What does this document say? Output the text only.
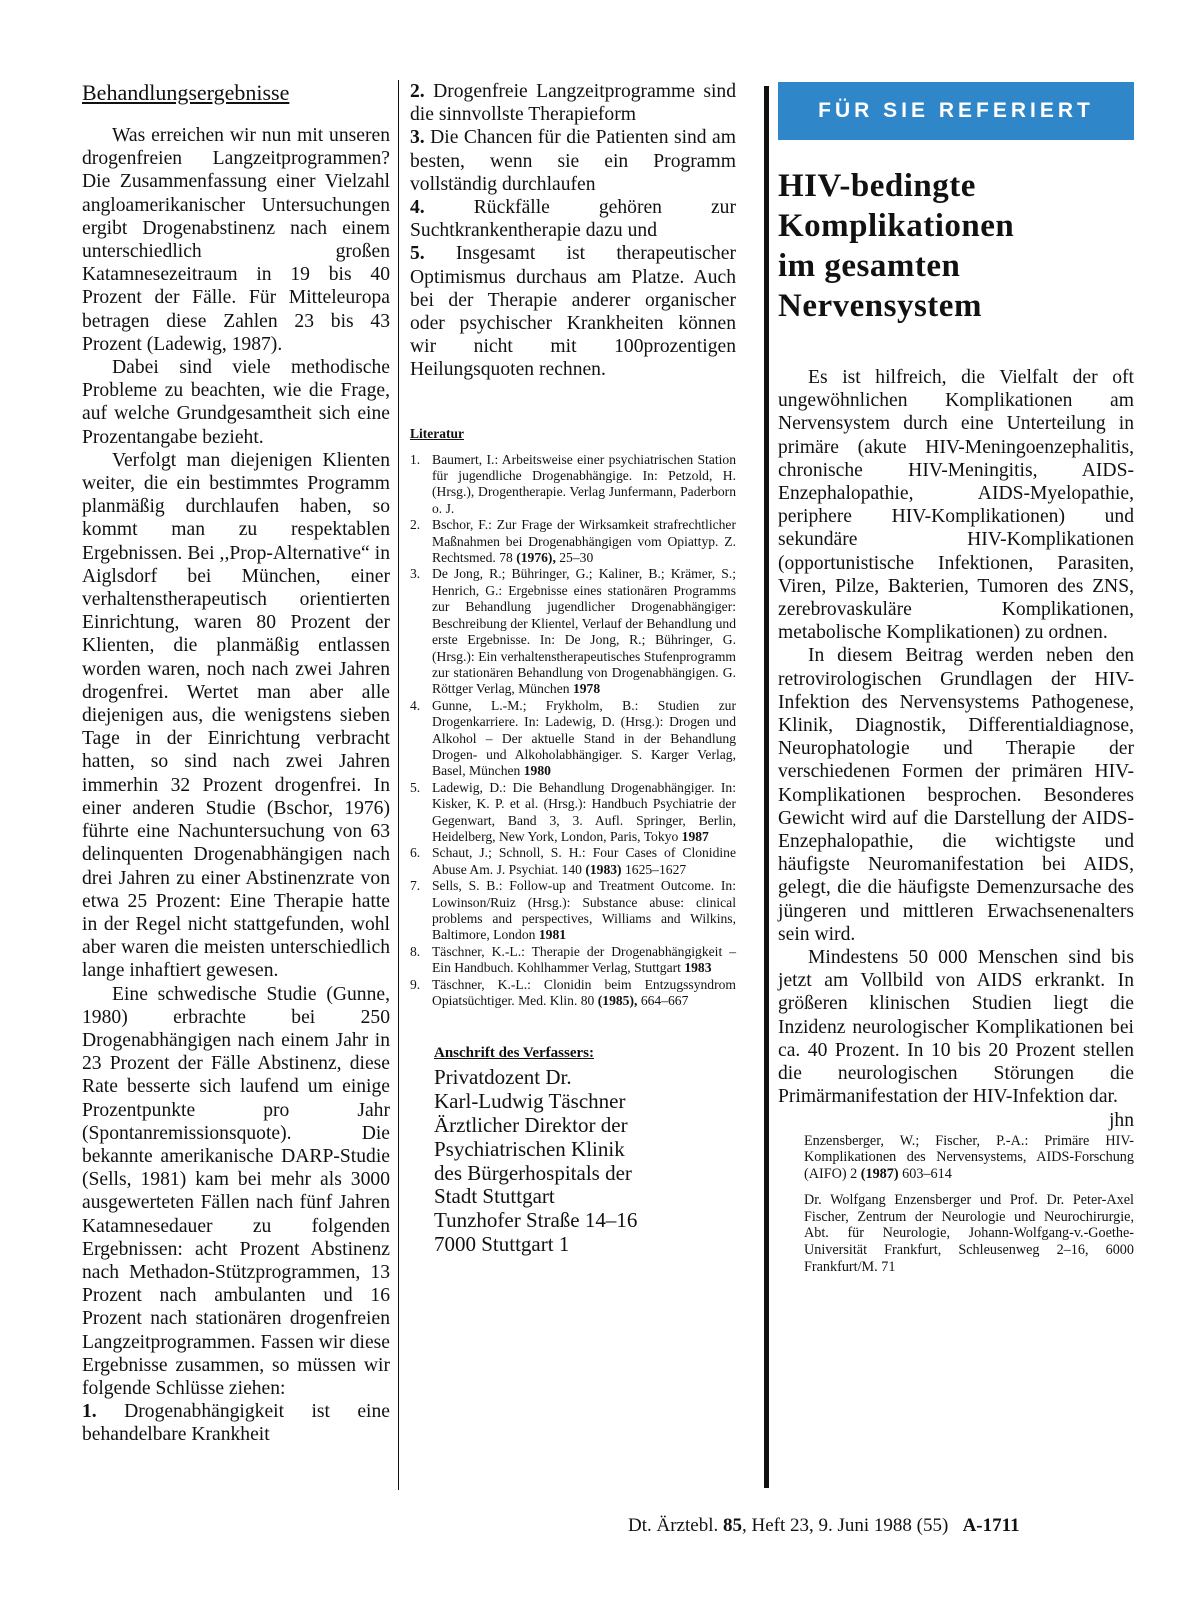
Behandlungsergebnisse

Was erreichen wir nun mit unseren drogenfreien Langzeitprogrammen? Die Zusammenfassung einer Vielzahl angloamerikanischer Untersuchungen ergibt Drogenabstinenz nach einem unterschiedlich großen Katamnesezeitraum in 19 bis 40 Prozent der Fälle. Für Mitteleuropa betragen diese Zahlen 23 bis 43 Prozent (Ladewig, 1987).

Dabei sind viele methodische Probleme zu beachten, wie die Frage, auf welche Grundgesamtheit sich eine Prozentangabe bezieht.

Verfolgt man diejenigen Klienten weiter, die ein bestimmtes Programm planmäßig durchlaufen haben, so kommt man zu respektablen Ergebnissen. Bei ,,Prop-Alternative“ in Aiglsdorf bei München, einer verhaltenstherapeutisch orientierten Einrichtung, waren 80 Prozent der Klienten, die planmäßig entlassen worden waren, noch nach zwei Jahren drogenfrei. Wertet man aber alle diejenigen aus, die wenigstens sieben Tage in der Einrichtung verbracht hatten, so sind nach zwei Jahren immerhin 32 Prozent drogenfrei. In einer anderen Studie (Bschor, 1976) führte eine Nachuntersuchung von 63 delinquenten Drogenabhängigen nach drei Jahren zu einer Abstinenzrate von etwa 25 Prozent: Eine Therapie hatte in der Regel nicht stattgefunden, wohl aber waren die meisten unterschiedlich lange inhaftiert gewesen.

Eine schwedische Studie (Gunne, 1980) erbrachte bei 250 Drogenabhängigen nach einem Jahr in 23 Prozent der Fälle Abstinenz, diese Rate besserte sich laufend um einige Prozentpunkte pro Jahr (Spontanremissionsquote). Die bekannte amerikanische DARP-Studie (Sells, 1981) kam bei mehr als 3000 ausgewerteten Fällen nach fünf Jahren Katamnesedauer zu folgenden Ergebnissen: acht Prozent Abstinenz nach Methadon-Stützprogrammen, 13 Prozent nach ambulanten und 16 Prozent nach stationären drogenfreien Langzeitprogrammen. Fassen wir diese Ergebnisse zusammen, so müssen wir folgende Schlüsse ziehen:

1. Drogenabhängigkeit ist eine behandelbare Krankheit

2. Drogenfreie Langzeitprogramme sind die sinnvollste Therapieform

3. Die Chancen für die Patienten sind am besten, wenn sie ein Programm vollständig durchlaufen

4.	Rückfälle gehören zur Suchtkrankentherapie dazu und

5. Insgesamt ist therapeutischer Optimismus durchaus am Platze. Auch bei der Therapie anderer organischer oder psychischer Krankheiten können wir nicht mit 100prozentigen Heilungsquoten rechnen.

Literatur
1. Baumert, I.: Arbeitsweise einer psychiatrischen Station für jugendliche Drogenabhängige. In: Petzold, H. (Hrsg.), Drogentherapie. Verlag Junfermann, Paderborn o. J.
2. Bschor, F.: Zur Frage der Wirksamkeit strafrechtlicher Maßnahmen bei Drogenabhängigen vom Opiattyp. Z. Rechtsmed. 78 (1976), 25–30
3. De Jong, R.; Bühringer, G.; Kaliner, B.; Krämer, S.; Henrich, G.: Ergebnisse eines stationären Programms zur Behandlung jugendlicher Drogenabhängiger: Beschreibung der Klientel, Verlauf der Behandlung und erste Ergebnisse. In: De Jong, R.; Bühringer, G. (Hrsg.): Ein verhaltenstherapeutisches Stufenprogramm zur stationären Behandlung von Drogenabhängigen. G. Röttger Verlag, München 1978
4. Gunne, L.-M.; Frykholm, B.: Studien zur Drogenkarriere. In: Ladewig, D. (Hrsg.): Drogen und Alkohol – Der aktuelle Stand in der Behandlung Drogen- und Alkoholabhängiger. S. Karger Verlag, Basel, München 1980
5. Ladewig, D.: Die Behandlung Drogenabhängiger. In: Kisker, K. P. et al. (Hrsg.): Handbuch Psychiatrie der Gegenwart, Band 3, 3. Aufl. Springer, Berlin, Heidelberg, New York, London, Paris, Tokyo 1987
6. Schaut, J.; Schnoll, S. H.: Four Cases of Clonidine Abuse Am. J. Psychiat. 140 (1983) 1625–1627
7. Sells, S. B.: Follow-up and Treatment Outcome. In: Lowinson/Ruiz (Hrsg.): Substance abuse: clinical problems and perspectives, Williams and Wilkins, Baltimore, London 1981
8. Täschner, K.-L.: Therapie der Drogenabhängigkeit – Ein Handbuch. Kohlhammer Verlag, Stuttgart 1983
9. Täschner, K.-L.: Clonidin beim Entzugssyndrom Opiatsüchtiger. Med. Klin. 80 (1985), 664–667
Anschrift des Verfassers:
Privatdozent Dr.
Karl-Ludwig Täschner
Ärztlicher Direktor der
Psychiatrischen Klinik
des Bürgerhospitals der
Stadt Stuttgart
Tunzhofer Straße 14–16
7000 Stuttgart 1
FÜR SIE REFERIERT
HIV-bedingte
Komplikationen
im gesamten
Nervensystem

Es ist hilfreich, die Vielfalt der oft ungewöhnlichen Komplikationen am Nervensystem durch eine Unterteilung in primäre (akute HIV-Meningoenzephalitis, chronische HIV-Meningitis, AIDS-Enzephalopathie, AIDS-Myelopathie, periphere HIV-Komplikationen) und sekundäre HIV-Komplikationen (opportunistische Infektionen, Parasiten, Viren, Pilze, Bakterien, Tumoren des ZNS, zerebrovaskuläre Komplikationen, metabolische Komplikationen) zu ordnen.

In diesem Beitrag werden neben den retrovirologischen Grundlagen der HIV-Infektion des Nervensystems Pathogenese, Klinik, Diagnostik, Differentialdiagnose, Neurophatologie und Therapie der verschiedenen Formen der primären HIV-Komplikationen besprochen. Besonderes Gewicht wird auf die Darstellung der AIDS-Enzephalopathie, die wichtigste und häufigste Neuromanifestation bei AIDS, gelegt, die die häufigste Demenzursache des jüngeren und mittleren Erwachsenenalters sein wird.

Mindestens 50 000 Menschen sind bis jetzt am Vollbild von AIDS erkrankt. In größeren klinischen Studien liegt die Inzidenz neurologischer Komplikationen bei ca. 40 Prozent. In 10 bis 20 Prozent stellen die neurologischen Störungen die Primärmanifestation der HIV-Infektion dar.
jhn

Enzensberger, W.; Fischer, P.-A.: Primäre HIV-Komplikationen des Nervensystems, AIDS-Forschung (AIFO) 2 (1987) 603–614

Dr. Wolfgang Enzensberger und Prof. Dr. Peter-Axel Fischer, Zentrum der Neurologie und Neurochirurgie, Abt. für Neurologie, Johann-Wolfgang-v.-Goethe-Universität Frankfurt, Schleusenweg 2–16, 6000 Frankfurt/M. 71

Dt. Ärztebl. 85, Heft 23, 9. Juni 1988 (55) A-1711
